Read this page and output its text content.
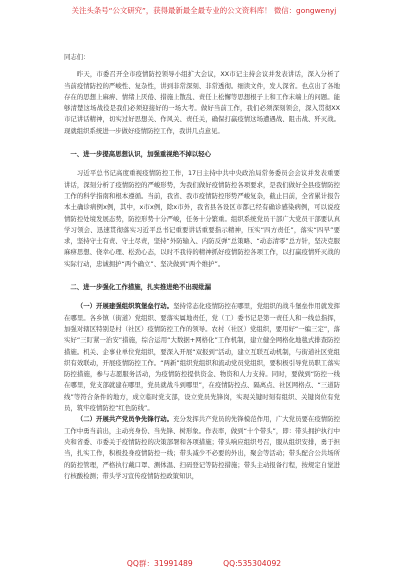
关注头条号“公文研究”，获得最新最全最专业的公文资料库！ 微信：gongwenyj

同志们：

昨天，市委召开全市疫情防控领导小组扩大会议，XX市记主持会议并发表讲话，深入分析了当前疫情防控的严峻性、复杂性，讲到非常深刻、非常透彻。细读文件，发人深省。也点出了各地存在的思想上麻痹、情绪上厌倦、措施上散乱、责任上松懈等思想根子上和工作末端上的问题。能够清楚这场战役是我们必须迎接好的一场大考。做好当前工作，我们必须深刻领会，深入贯彻XX市记讲话精神，切实过好思想关、作风关、责任关，确保打赢疫情这场遭遇战、阻击战、歼灭战。现就组织系统进一步做好疫情防控工作，我讲几点意见。

一、进一步提高思想认识，加强重视绝不掉以轻心

习近平总书记高度重视疫情防控工作，17日主持中共中央政治局常务委员会会议并发表重要讲话，深刻分析了疫情防控的严峻形势，为我们做好疫情防控各项要求，是我们做好全县疫情防控工作的科学指南和根本遵循。当前，我省、我市疫情防控形势严峻复杂，截止目前，全省累计报告本土确诊病例x例，其中，x市x例，除x市外，我省县各设区市都已经有确诊感染病例，可以说疫情防控处境发展态势，防控形势十分严峻，任务十分繁重。组织系统党员干部广大党员干部要认真学习领会、迅速贯彻落实习近平总书记重要讲话重要指示精神，压实“四方责任”，落实“四早”要求，坚持守土有责、守土尽责，坚持“外防输入、内防反弹”总策略、“动态清零”总方针，坚决克服麻痹思想、侥幸心理、松劲心态，以时不我待的精神抓好疫情防控各项工作，以打赢疫情歼灭战的实际行动，忠诚拥护“两个确立”、坚决做到“两个维护”。

二、进一步强化工作措施，扎实推进绝不出现纰漏

（一）开展建强组织筑堡垒行动。坚持常态化疫情防控在哪里，党组织的战斗堡垒作用就发挥在哪里。各乡镇（街道）党组织、要落实属地责任，党（工）委书记是第一责任人和一线总指挥，加强对辖区特别是村（社区）疫情防控工作的领导。农村（社区）党组织，要用好“一编三定”，落实好“三盯紧一治安”措施，综合运用“大数据+网格化”工作机制，建立健全网格化地毯式排查防控措施。机关、企事业单位党组织，要深入开展“双报到”活动，建立互联互动机制，与街道社区党组织有效联动，开展疫情防控工作。“两新”组织党组织和流动党员党组织，要积极引导党员职工落实防控措施，参与志愿服务活动，为疫情防控提供资金、物资和人力支持。同时，要做到“防控一线在哪里，党支部就建在哪里，党员就战斗到哪里”，在疫情防控点、隔离点、社区网格点、“三道防线”等符合条件的地方，成立临时党支部，设立党员先锋岗，实现关键时刻有组织、关键岗位有党员，筑牢疫情防控“红色防线”。

（二）开展共产党员争先锋行动。充分发挥共产党员的先锋模范作用，广大党员要在疫情防控工作中勇当前出，主动亮身份、当先锋、树形象。作表率，做到“十个带头”，即：带头拥护执行中央和省委、市委关于疫情防控的决策部署和各项措施；带头响应组织号召，服从组织安排，勇于担当，扎实工作，积极投身疫情防控一线；带头减少不必要的外出，聚会等活动；带头配合公共场所的防控管理，严格执行戴口罩、测体温、扫码登记等防控措施；带头主动报备行程，按规定自觉进行核酸检测；带头学习宣传疫情防控政策知识，

QQ群：31991489	QQ:535304092
